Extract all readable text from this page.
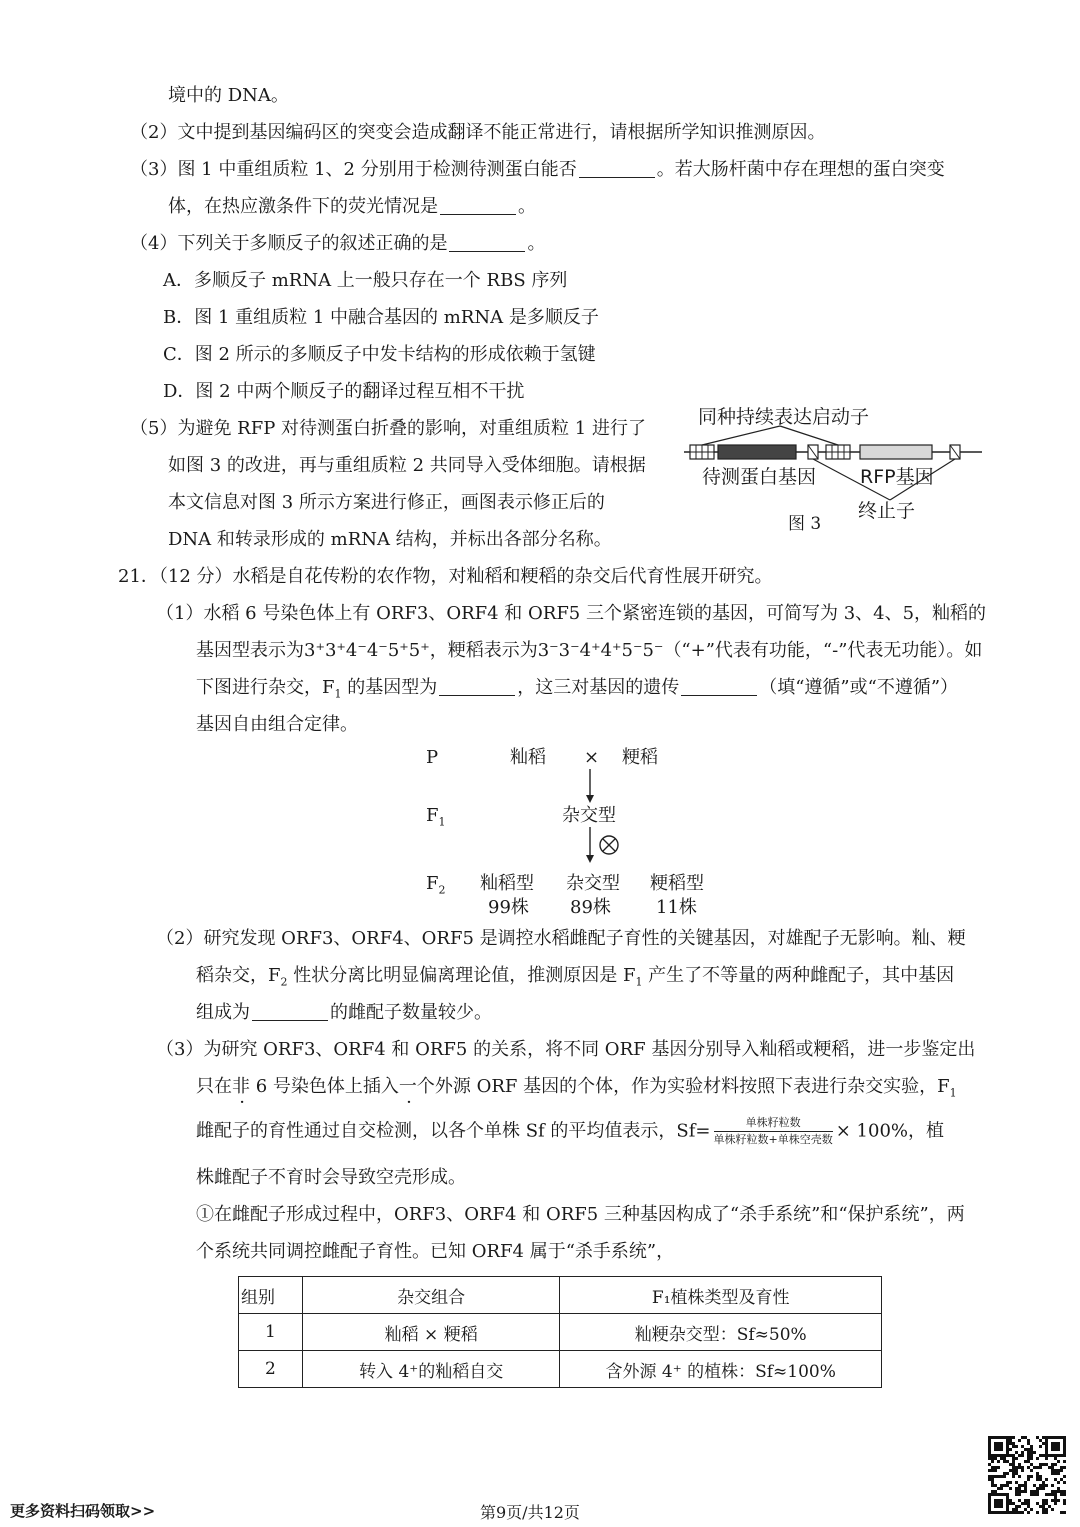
境中的 DNA。
（2）文中提到基因编码区的突变会造成翻译不能正常进行，请根据所学知识推测原因。
（3）图 1 中重组质粒 1、2 分别用于检测待测蛋白能否	。若大肠杆菌中存在理想的蛋白突变
体，在热应激条件下的荧光情况是	。
（4）下列关于多顺反子的叙述正确的是	。
A．多顺反子 mRNA 上一般只存在一个 RBS 序列
B．图 1 重组质粒 1 中融合基因的 mRNA 是多顺反子
C．图 2 所示的多顺反子中发卡结构的形成依赖于氢键
D．图 2 中两个顺反子的翻译过程互相不干扰
（5）为避免 RFP 对待测蛋白折叠的影响，对重组质粒 1 进行了
如图 3 的改进，再与重组质粒 2 共同导入受体细胞。请根据
本文信息对图 3 所示方案进行修正，画图表示修正后的
DNA 和转录形成的 mRNA 结构，并标出各部分名称。
同种持续表达启动子
待测蛋白基因 RFP基因
终止子
图 3
21．（12 分）水稻是自花传粉的农作物，对籼稻和粳稻的杂交后代育性展开研究。
（1）水稻 6 号染色体上有 ORF3、ORF4 和 ORF5 三个紧密连锁的基因，可简写为 3、4、5，籼稻的
基因型表示为3⁺3⁺4⁻4⁻5⁺5⁺，粳稻表示为3⁻3⁻4⁺4⁺5⁻5⁻（“+”代表有功能，“-”代表无功能）。如
下图进行杂交，$F_1$ 的基因型为	，这三对基因的遗传	（填“遵循”或“不遵循”）
基因自由组合定律。
P	籼稻 × 粳稻
$F_1$	杂交型
$F_2$ 籼稻型
99株
杂交型
89株
粳稻型
11株
（2）研究发现 ORF3、ORF4、ORF5 是调控水稻雌配子育性的关键基因，对雄配子无影响。籼、粳
稻杂交，$F_2$ 性状分离比明显偏离理论值，推测原因是 $F_1$ 产生了不等量的两种雌配子，其中基因
组成为	的雌配子数量较少。
（3）为研究 ORF3、ORF4 和 ORF5 的关系，将不同 ORF 基因分别导入籼稻或粳稻，进一步鉴定出
只在非 6 号染色体上插入一个外源 ORF 基因的个体，作为实验材料按照下表进行杂交实验，$F_1$
雌配子的育性通过自交检测，以各个单株 Sf 的平均值表示，$Sf= \frac{\text{单株籽粒数}}{\text{单株籽粒数+单株空壳数}} \times 100\%$，植
株雌配子不育时会导致空壳形成。
①在雌配子形成过程中，ORF3、ORF4 和 ORF5 三种基因构成了“杀手系统”和“保护系统”，两
个系统共同调控雌配子育性。已知 ORF4 属于“杀手系统”，
组别	杂交组合	F₁植株类型及育性
1	籼稻 × 粳稻	籼粳杂交型：Sf≈50%
2	转入 4⁺的籼稻自交	含外源 4⁺ 的植株：Sf≈100%
更多资料扫码领取>>	第9页/共12页
